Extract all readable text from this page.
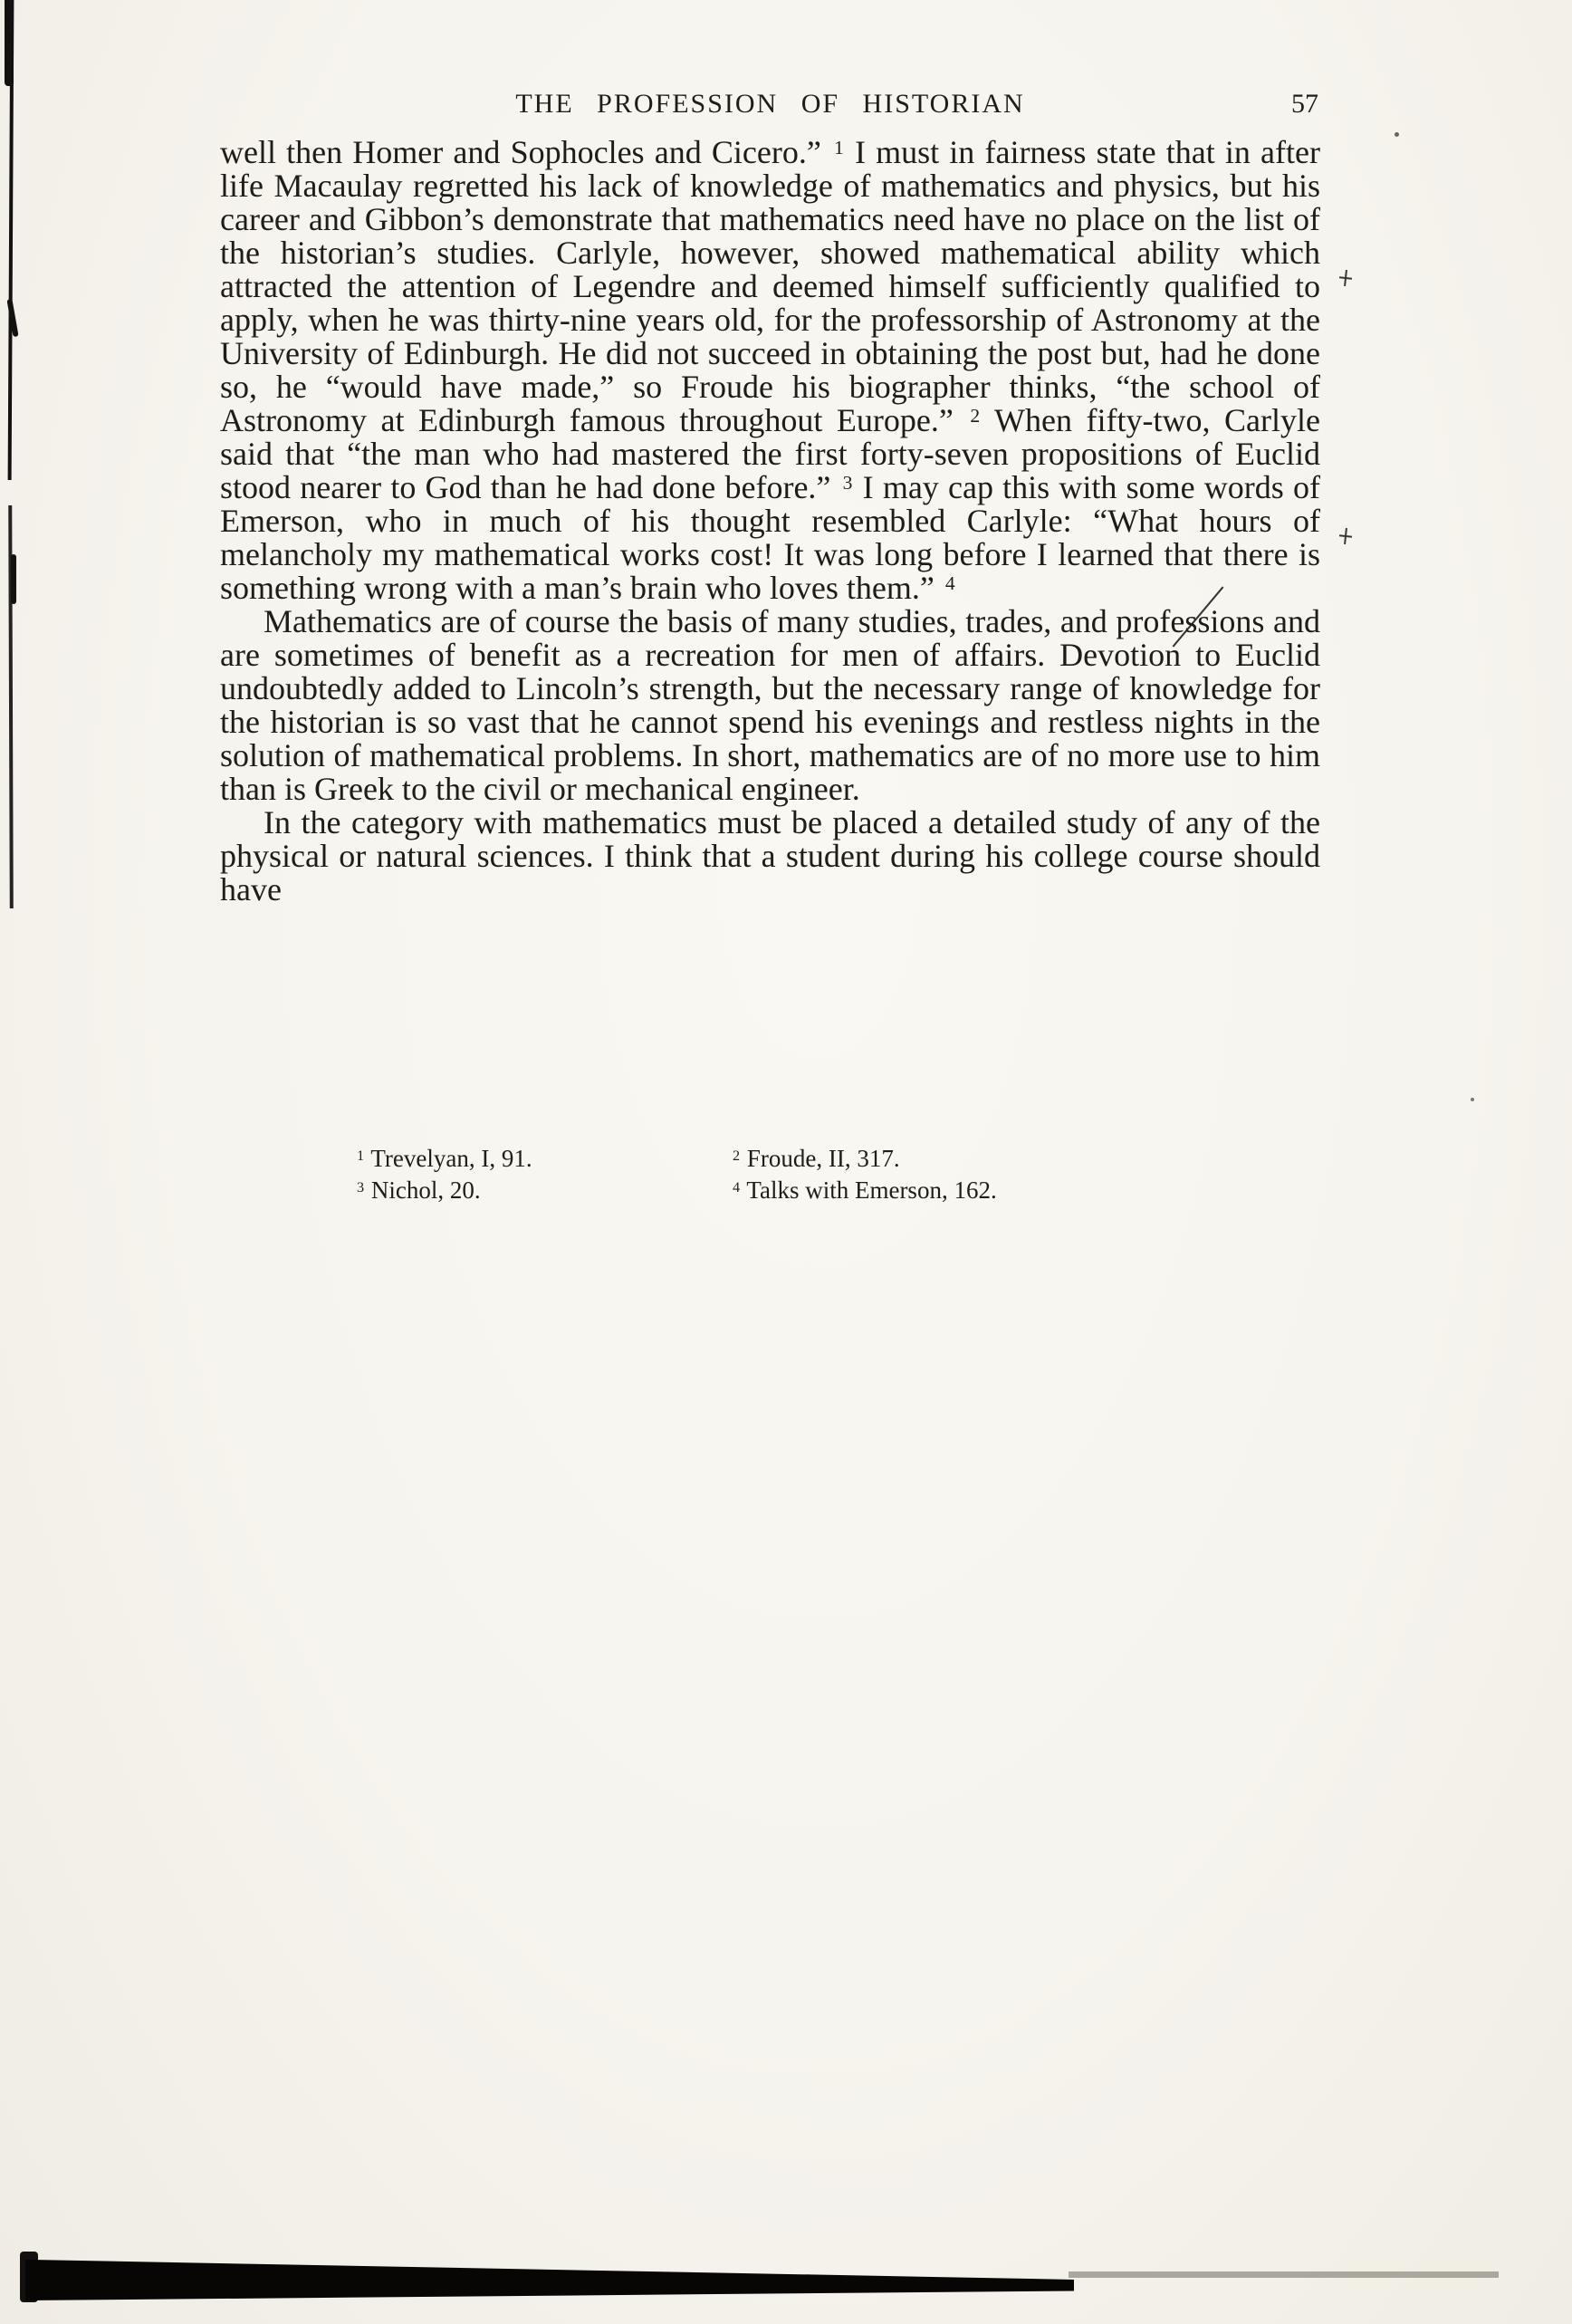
THE PROFESSION OF HISTORIAN	57

well then Homer and Sophocles and Cicero.” $^1$ I must in fairness state that in after life Macaulay regretted his lack of knowledge of mathematics and physics, but his career and Gibbon’s demonstrate that mathematics need have no place on the list of the historian’s studies. Carlyle, however, showed mathematical ability which attracted the attention of Legendre and deemed himself sufficiently qualified to apply, when he was thirty-nine years old, for the professorship of Astronomy at the University of Edinburgh. He did not succeed in obtaining the post but, had he done so, he “would have made,” so Froude his biographer thinks, “the school of Astronomy at Edinburgh famous throughout Europe.” $^2$ When fifty-two, Carlyle said that “the man who had mastered the first forty-seven propositions of Euclid stood nearer to God than he had done before.” $^3$ I may cap this with some words of Emerson, who in much of his thought resembled Carlyle: “What hours of melancholy my mathematical works cost! It was long before I learned that there is something wrong with a man’s brain who loves them.” $^4$

Mathematics are of course the basis of many studies, trades, and professions and are sometimes of benefit as a recreation for men of affairs. Devotion to Euclid undoubtedly added to Lincoln’s strength, but the necessary range of knowledge for the historian is so vast that he cannot spend his evenings and restless nights in the solution of mathematical problems. In short, mathematics are of no more use to him than is Greek to the civil or mechanical engineer.

In the category with mathematics must be placed a detailed study of any of the physical or natural sciences. I think that a student during his college course should have

$^1$ Trevelyan, I, 91.	$^2$ Froude, II, 317.
$^3$ Nichol, 20.	$^4$ Talks with Emerson, 162.
